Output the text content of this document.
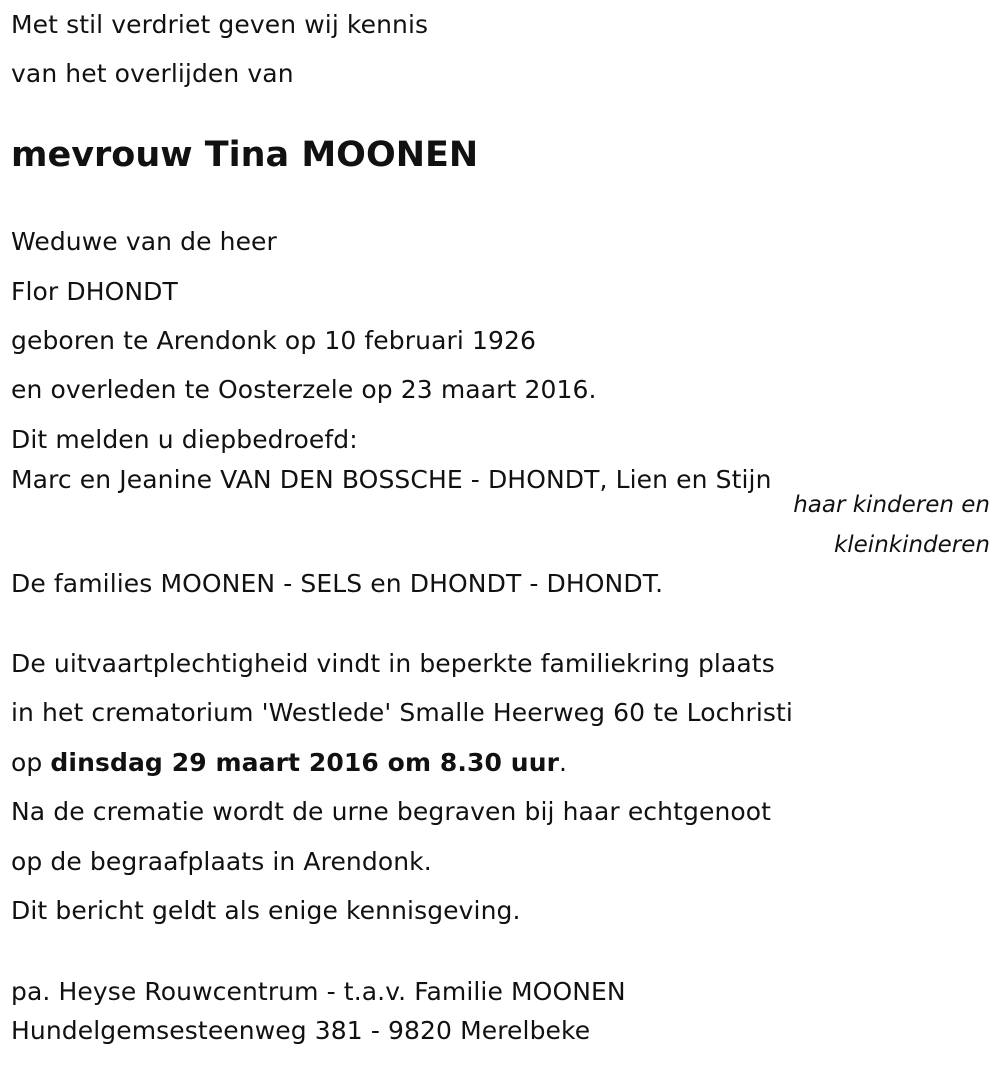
Met stil verdriet geven wij kennis
van het overlijden van
mevrouw Tina MOONEN
Weduwe van de heer
Flor DHONDT
geboren te Arendonk op 10 februari 1926
en overleden te Oosterzele op 23 maart 2016.
Dit melden u diepbedroefd:
Marc en Jeanine VAN DEN BOSSCHE - DHONDT, Lien en Stijn
haar kinderen en
kleinkinderen
De families MOONEN - SELS en DHONDT - DHONDT.
De uitvaartplechtigheid vindt in beperkte familiekring plaats
in het crematorium 'Westlede' Smalle Heerweg 60 te Lochristi
op dinsdag 29 maart 2016 om 8.30 uur.
Na de crematie wordt de urne begraven bij haar echtgenoot
op de begraafplaats in Arendonk.
Dit bericht geldt als enige kennisgeving.
pa. Heyse Rouwcentrum - t.a.v. Familie MOONEN
Hundelgemsesteenweg 381 - 9820 Merelbeke
